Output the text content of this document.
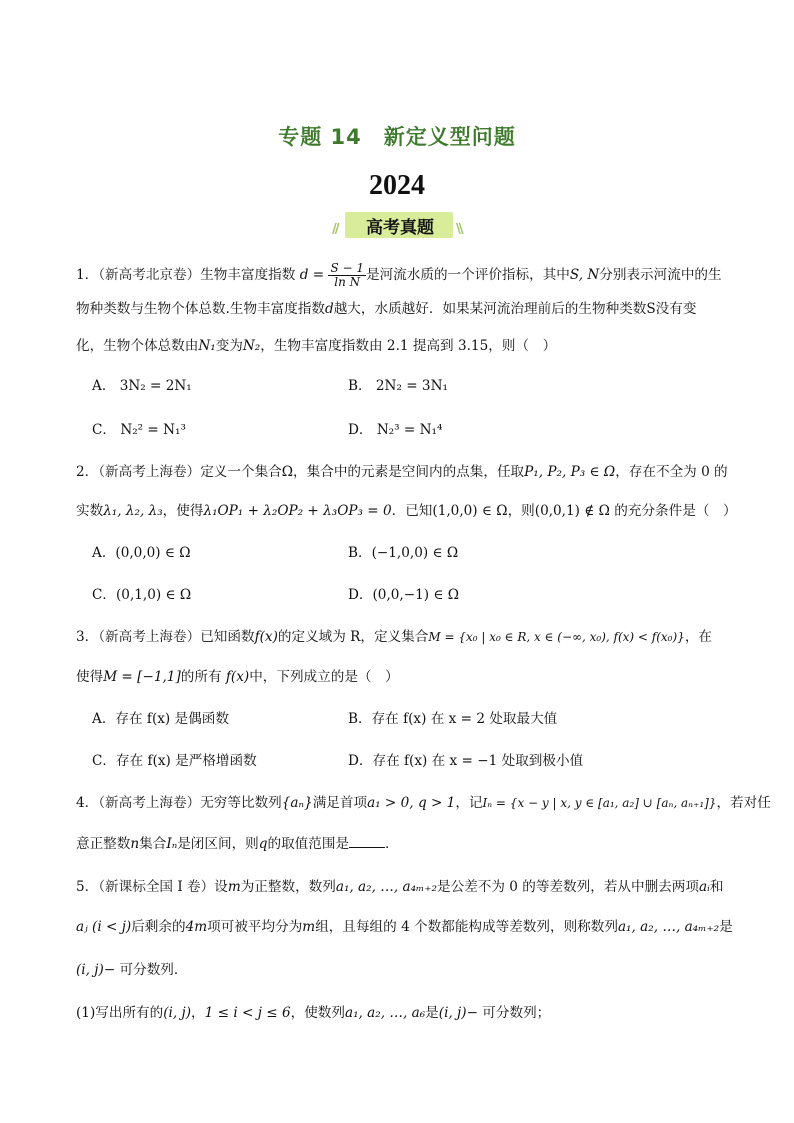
专题 14 新定义型问题
2024
//	高考真题	\\
1．（新高考北京卷）生物丰富度指数 $d = \frac{S - 1}{\text{ln N}}$ 是河流水质的一个评价指标，其中S, N分别表示河流中的生
物种类数与生物个体总数.生物丰富度指数d越大，水质越好．如果某河流治理前后的生物种类数S没有变
化，生物个体总数由N₁变为N₂，生物丰富度指数由 2.1 提高到 3.15，则（　）
A． 3N₂ = 2N₁	B． 2N₂ = 3N₁
C． N₂² = N₁³	D． N₂³ = N₁⁴
2．（新高考上海卷）定义一个集合Ω，集合中的元素是空间内的点集，任取P₁, P₂, P₃ ∈ Ω，存在不全为 0 的
实数λ₁, λ₂, λ₃，使得λ₁OP₁ + λ₂OP₂ + λ₃OP₃ = 0．已知(1,0,0) ∈ Ω，则(0,0,1) ∉ Ω 的充分条件是（　）
A．(0,0,0) ∈ Ω	B．(−1,0,0) ∈ Ω
C．(0,1,0) ∈ Ω	D．(0,0,−1) ∈ Ω
3．（新高考上海卷）已知函数f(x)的定义域为 R，定义集合M = {x₀ | x₀ ∈ R, x ∈ (−∞, x₀), f(x) < f(x₀)}，在
使得M = [−1,1]的所有 f(x)中，下列成立的是（　）
A．存在 f(x) 是偶函数	B．存在 f(x) 在 x = 2 处取最大值
C．存在 f(x) 是严格增函数	D．存在 f(x) 在 x = −1 处取到极小值
4．（新高考上海卷）无穷等比数列{aₙ}满足首项a₁ > 0, q > 1，记Iₙ = {x − y | x, y ∈ [a₁, a₂] ∪ [aₙ, aₙ₊₁]}，若对任
意正整数n集合Iₙ是闭区间，则q的取值范围是	．
5．（新课标全国 I 卷）设m为正整数，数列a₁, a₂, …, a₄ₘ₊₂是公差不为 0 的等差数列，若从中删去两项aᵢ和
aⱼ (i < j)后剩余的4m项可被平均分为m组，且每组的 4 个数都能构成等差数列，则称数列a₁, a₂, …, a₄ₘ₊₂是
(i, j)− 可分数列．
(1)写出所有的(i, j)，1 ≤ i < j ≤ 6，使数列a₁, a₂, …, a₆是(i, j)− 可分数列；
